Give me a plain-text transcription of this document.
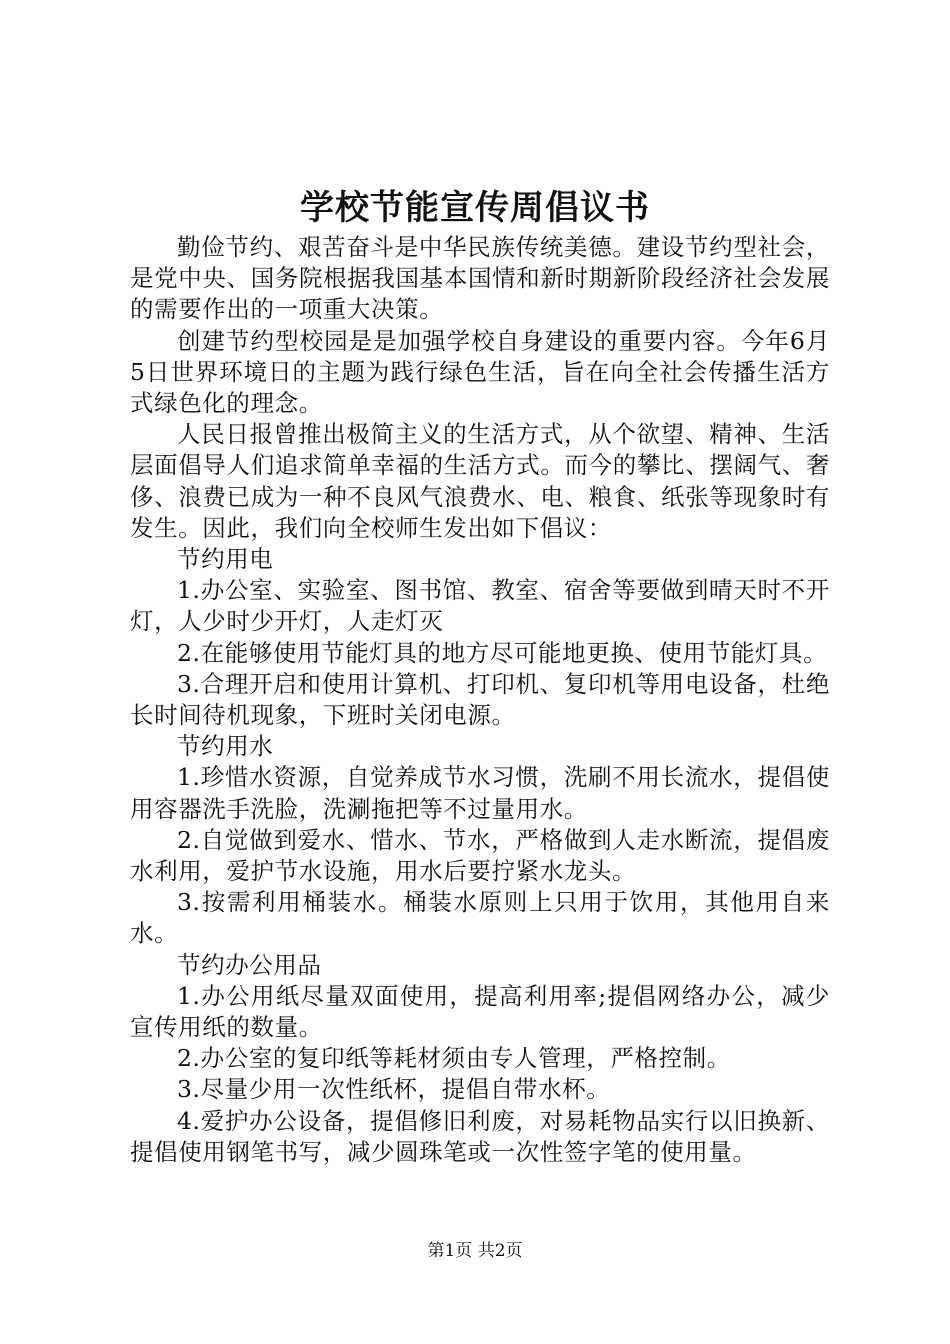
学校节能宣传周倡议书

勤俭节约、艰苦奋斗是中华民族传统美德。建设节约型社会，是党中央、国务院根据我国基本国情和新时期新阶段经济社会发展的需要作出的一项重大决策。

创建节约型校园是是加强学校自身建设的重要内容。今年6月5日世界环境日的主题为践行绿色生活，旨在向全社会传播生活方式绿色化的理念。

人民日报曾推出极简主义的生活方式，从个欲望、精神、生活层面倡导人们追求简单幸福的生活方式。而今的攀比、摆阔气、奢侈、浪费已成为一种不良风气浪费水、电、粮食、纸张等现象时有发生。因此，我们向全校师生发出如下倡议：

节约用电

1.办公室、实验室、图书馆、教室、宿舍等要做到晴天时不开灯，人少时少开灯，人走灯灭

2.在能够使用节能灯具的地方尽可能地更换、使用节能灯具。

3.合理开启和使用计算机、打印机、复印机等用电设备，杜绝长时间待机现象，下班时关闭电源。

节约用水

1.珍惜水资源，自觉养成节水习惯，洗刷不用长流水，提倡使用容器洗手洗脸，洗涮拖把等不过量用水。

2.自觉做到爱水、惜水、节水，严格做到人走水断流，提倡废水利用，爱护节水设施，用水后要拧紧水龙头。

3.按需利用桶装水。桶装水原则上只用于饮用，其他用自来水。

节约办公用品

1.办公用纸尽量双面使用，提高利用率;提倡网络办公，减少宣传用纸的数量。

2.办公室的复印纸等耗材须由专人管理，严格控制。

3.尽量少用一次性纸杯，提倡自带水杯。

4.爱护办公设备，提倡修旧利废，对易耗物品实行以旧换新、提倡使用钢笔书写，减少圆珠笔或一次性签字笔的使用量。

第1页 共2页
